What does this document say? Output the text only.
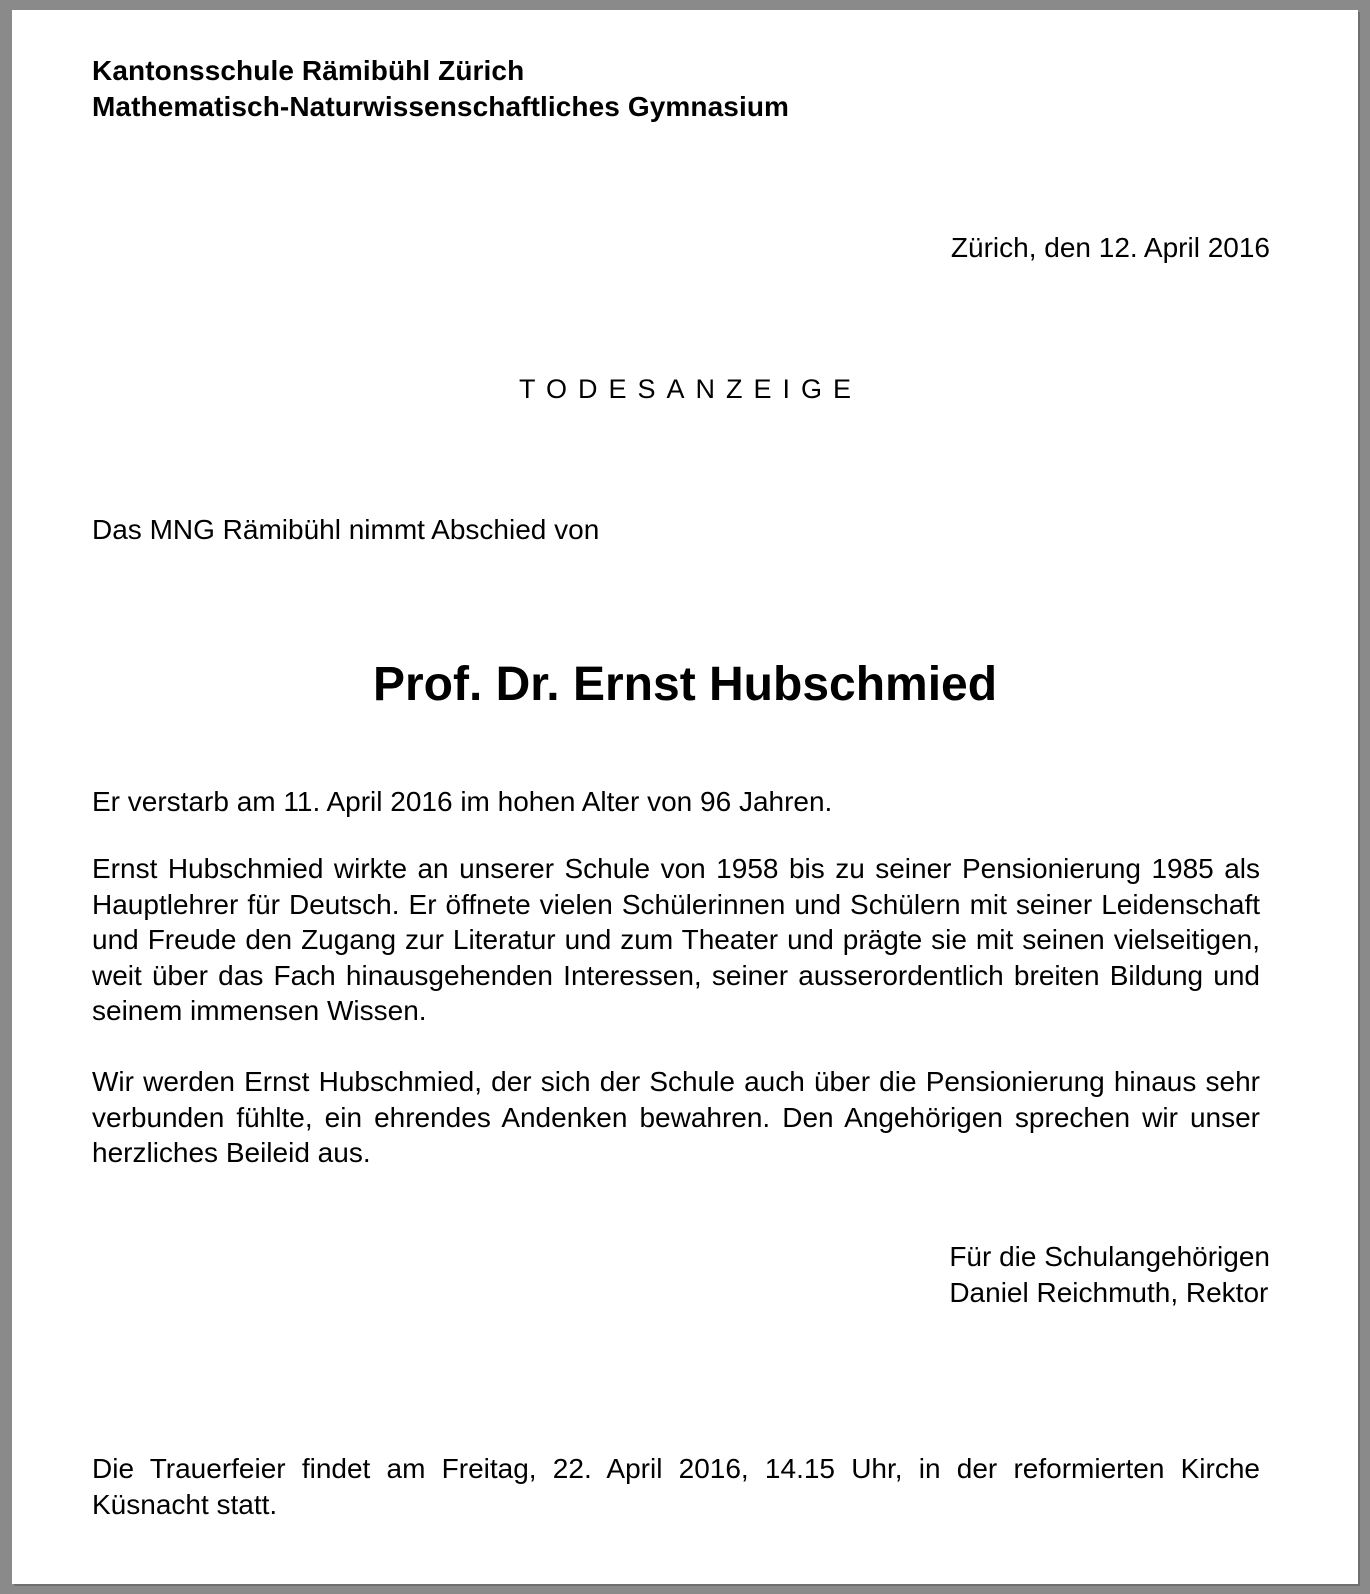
Kantonsschule Rämibühl Zürich
Mathematisch-Naturwissenschaftliches Gymnasium
Zürich, den 12. April 2016
TODESANZEIGE
Das MNG Rämibühl nimmt Abschied von
Prof. Dr. Ernst Hubschmied
Er verstarb am 11. April 2016 im hohen Alter von 96 Jahren.
Ernst Hubschmied wirkte an unserer Schule von 1958 bis zu seiner Pensionierung 1985 als Hauptlehrer für Deutsch. Er öffnete vielen Schülerinnen und Schülern mit seiner Leidenschaft und Freude den Zugang zur Literatur und zum Theater und prägte sie mit seinen vielseitigen, weit über das Fach hinausgehenden Interessen, seiner ausserordentlich breiten Bildung und seinem immensen Wissen.
Wir werden Ernst Hubschmied, der sich der Schule auch über die Pensionierung hinaus sehr verbunden fühlte, ein ehrendes Andenken bewahren. Den Angehörigen sprechen wir unser herzliches Beileid aus.
Für die Schulangehörigen
Daniel Reichmuth, Rektor
Die Trauerfeier findet am Freitag, 22. April 2016, 14.15 Uhr, in der reformierten Kirche Küsnacht statt.
